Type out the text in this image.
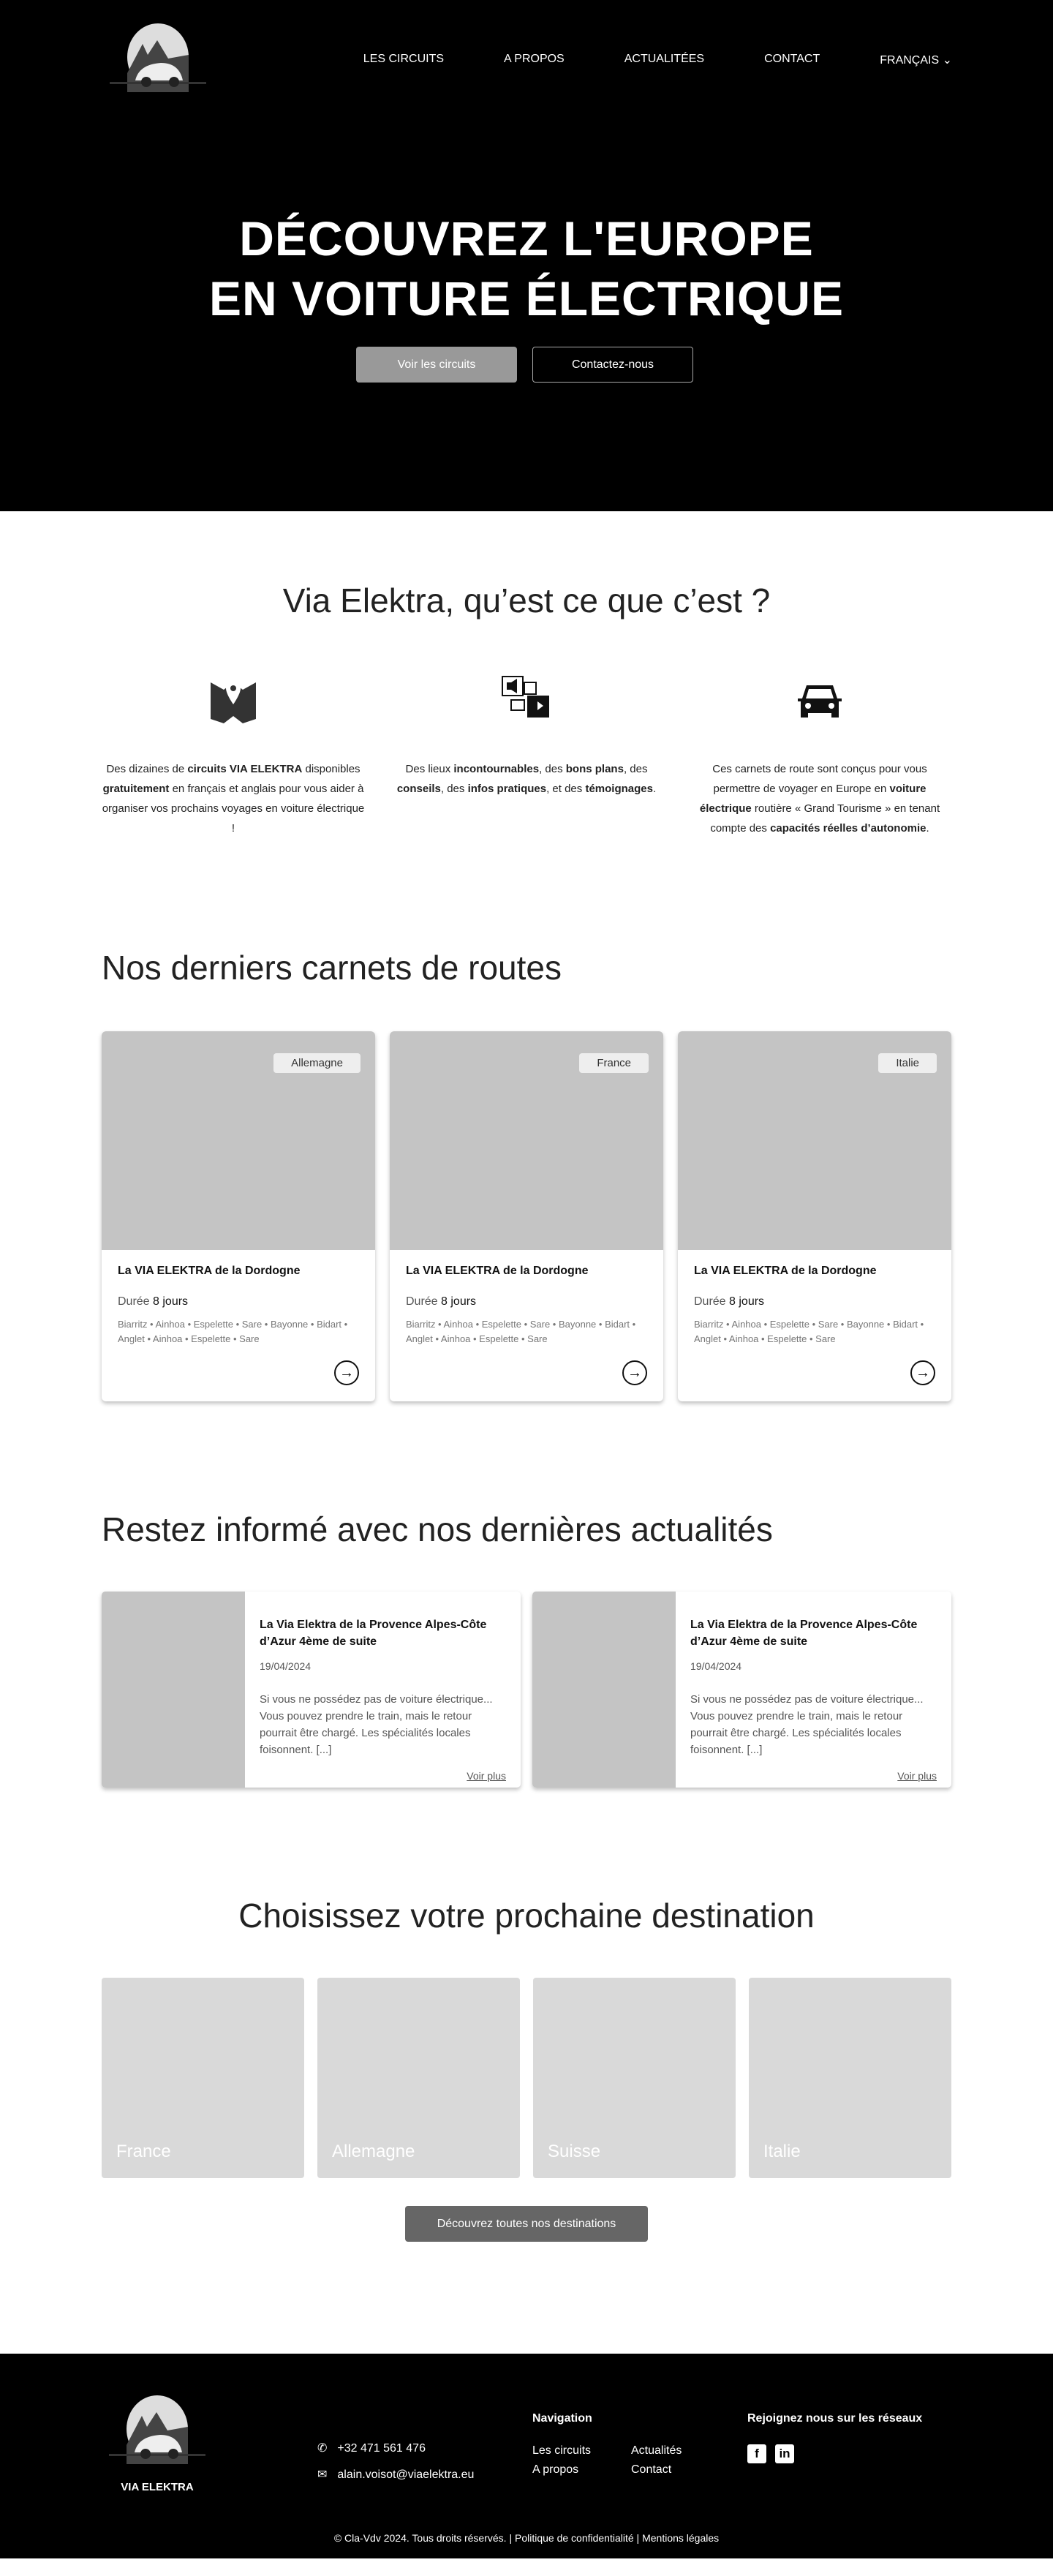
LES CIRCUITS	A PROPOS	ACTUALITÉES	CONTACT	FRANÇAIS ⌄
DÉCOUVREZ L'EUROPE
EN VOITURE ÉLECTRIQUE
Voir les circuits	Contactez-nous
Via Elektra, qu’est ce que c’est ?

Des dizaines de circuits VIA ELEKTRA disponibles gratuitement en français et anglais pour vous aider à organiser vos prochains voyages en voiture électrique !

Des lieux incontournables, des bons plans, des conseils, des infos pratiques, et des témoignages.

Ces carnets de route sont conçus pour vous permettre de voyager en Europe en voiture électrique routière « Grand Tourisme » en tenant compte des capacités réelles d’autonomie.

Nos derniers carnets de routes
Allemagne
La VIA ELEKTRA de la Dordogne
Durée 8 jours
Biarritz • Ainhoa • Espelette • Sare • Bayonne • Bidart • Anglet • Ainhoa • Espelette • Sare
→
France
La VIA ELEKTRA de la Dordogne
Durée 8 jours
Biarritz • Ainhoa • Espelette • Sare • Bayonne • Bidart • Anglet • Ainhoa • Espelette • Sare
→
Italie
La VIA ELEKTRA de la Dordogne
Durée 8 jours
Biarritz • Ainhoa • Espelette • Sare • Bayonne • Bidart • Anglet • Ainhoa • Espelette • Sare
→
Restez informé avec nos dernières actualités
La Via Elektra de la Provence Alpes-Côte d’Azur 4ème de suite
19/04/2024

Si vous ne possédez pas de voiture électrique... Vous pouvez prendre le train, mais le retour pourrait être chargé. Les spécialités locales foisonnent. [...]

Voir plus
La Via Elektra de la Provence Alpes-Côte d’Azur 4ème de suite
19/04/2024

Si vous ne possédez pas de voiture électrique... Vous pouvez prendre le train, mais le retour pourrait être chargé. Les spécialités locales foisonnent. [...]

Voir plus
Choisissez votre prochaine destination
France	Allemagne	Suisse	Italie
Découvrez toutes nos destinations
VIA ELEKTRA
✆ +32 471 561 476
✉ alain.voisot@viaelektra.eu
Navigation
Les circuits	Actualités
A propos	Contact
Rejoignez nous sur les réseaux
f	in
© Cla-Vdv 2024. Tous droits réservés. | Politique de confidentialité | Mentions légales
